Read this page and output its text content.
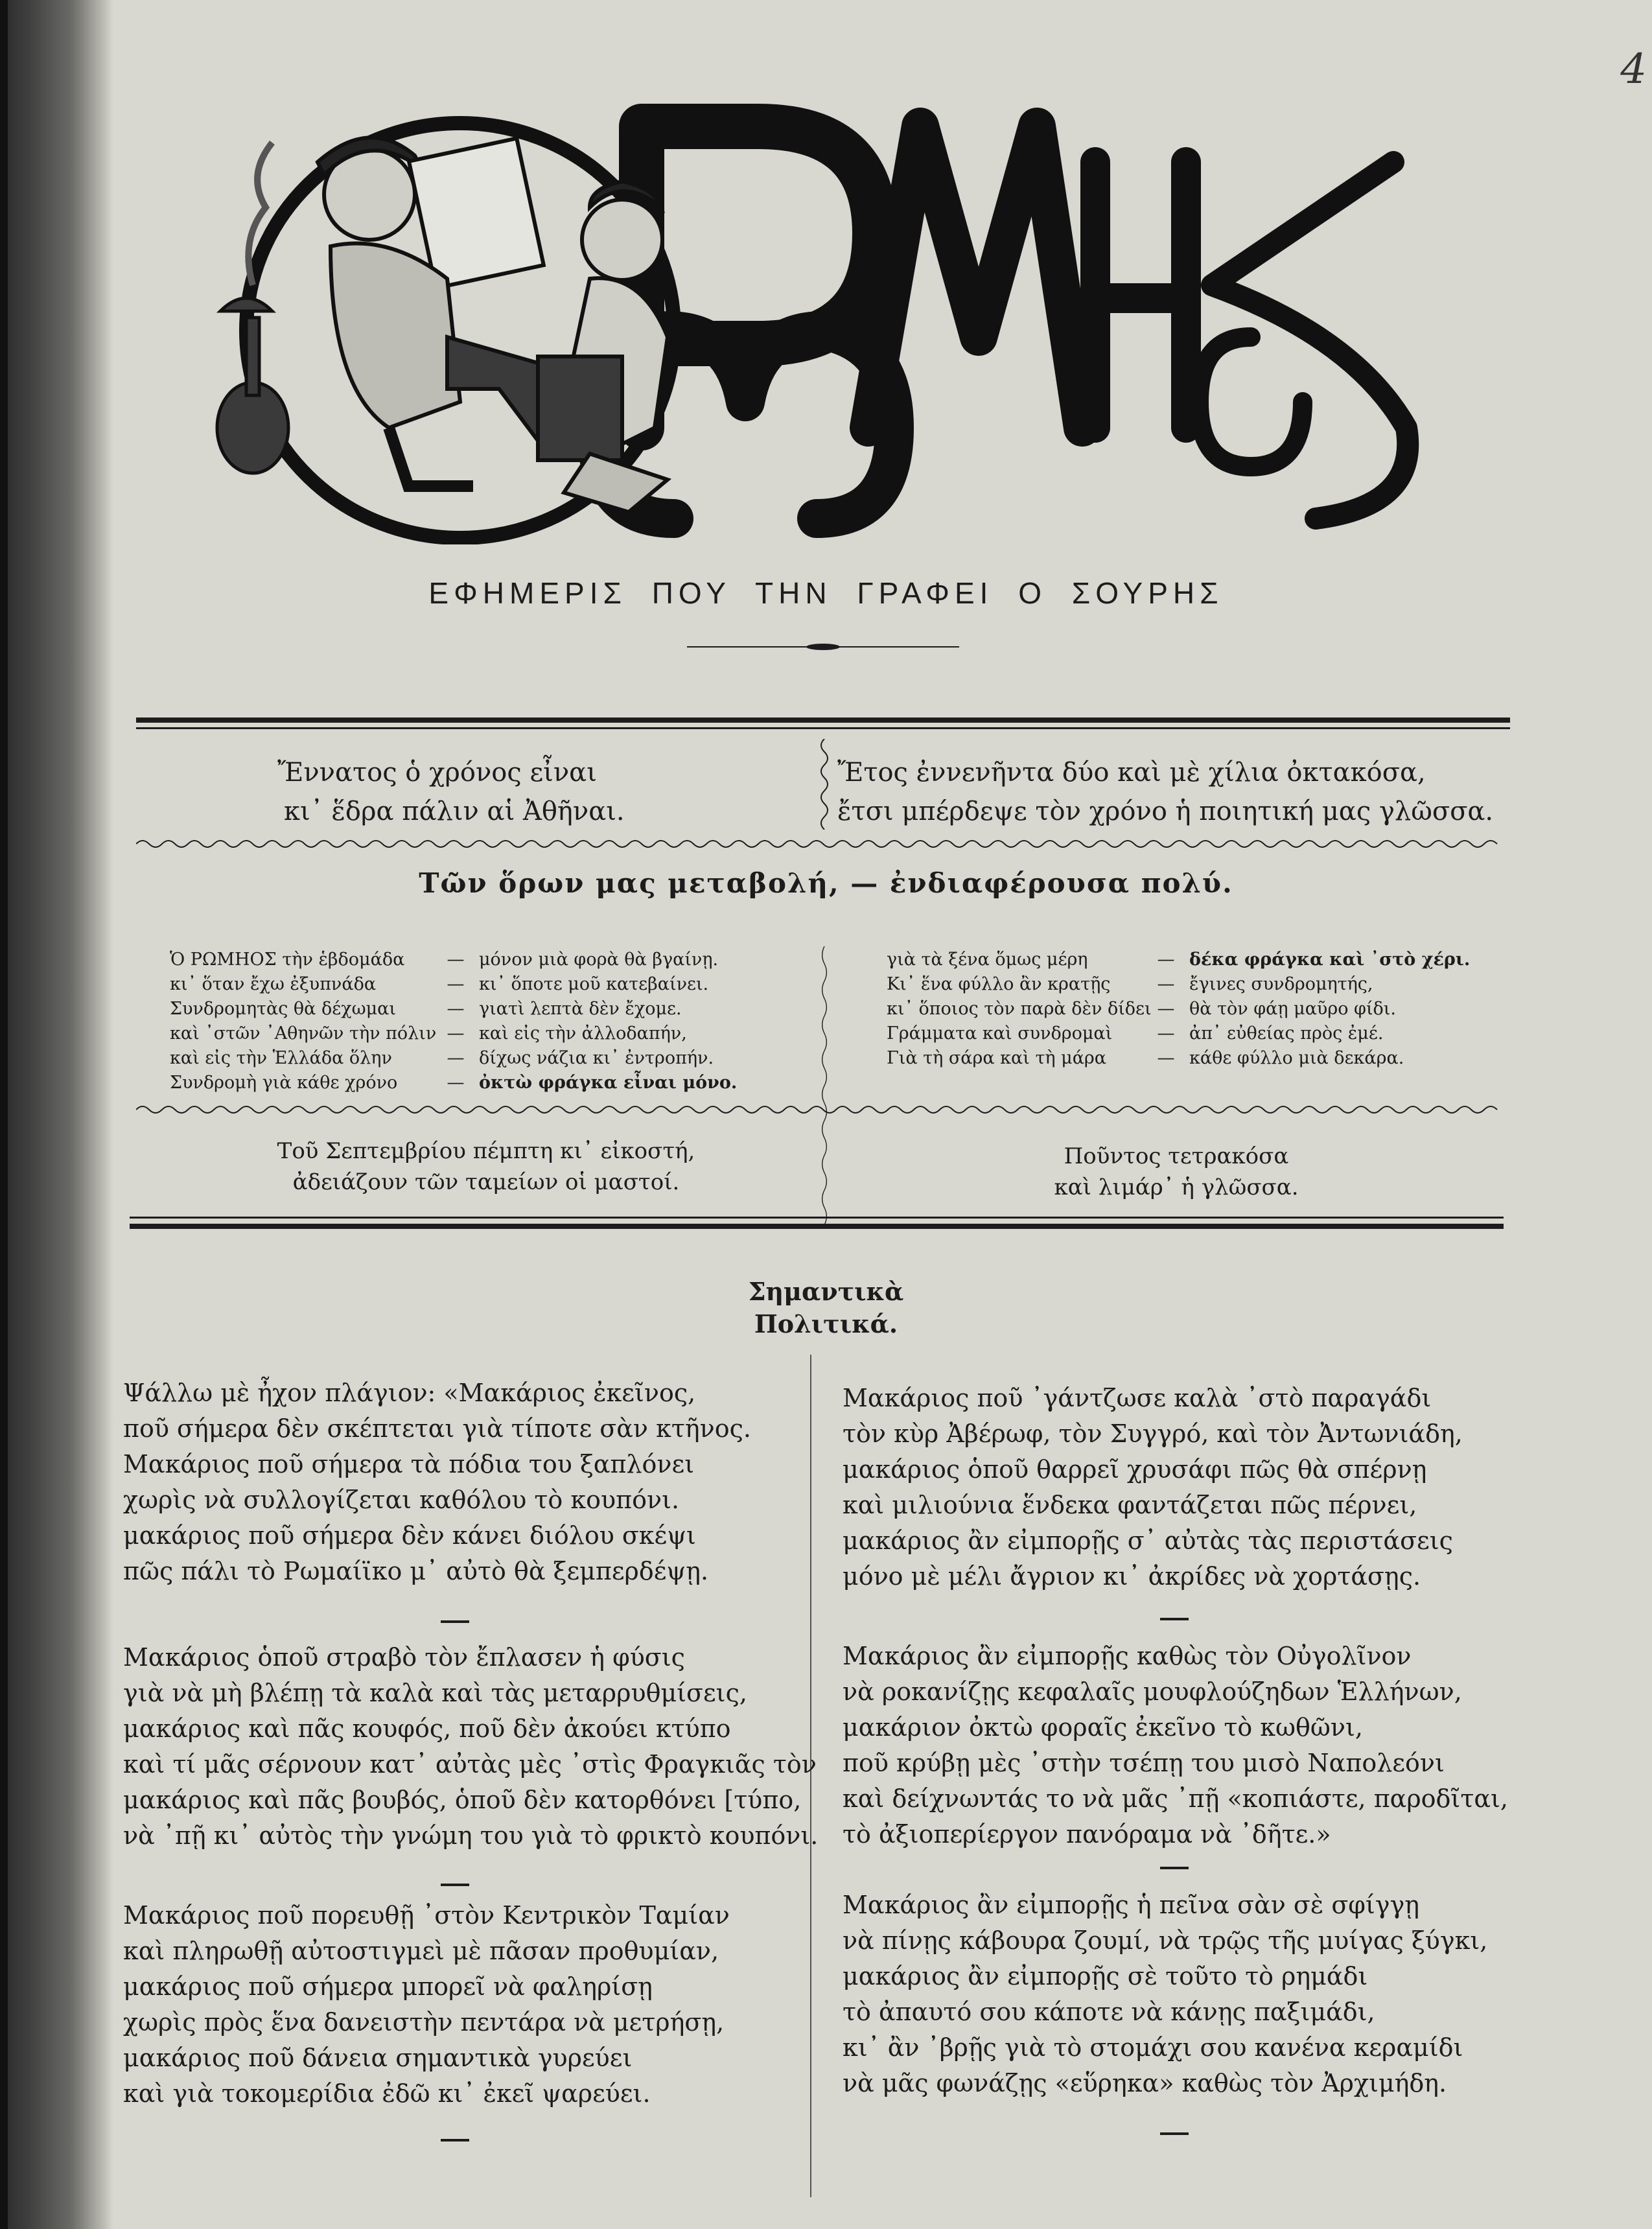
4
ΕΦΗΜΕΡΙΣ ΠΟΥ ΤΗΝ ΓΡΑΦΕΙ Ο ΣΟΥΡΗΣ
Ἔννατος ὁ χρόνος εἶναι
κι᾽ ἕδρα πάλιν αἱ Ἀθῆναι.
Ἔτος ἐννενῆντα δύο καὶ μὲ χίλια ὀκτακόσα,
ἔτσι μπέρδεψε τὸν χρόνο ἡ ποιητική μας γλῶσσα.
Τῶν ὅρων μας μεταβολή, — ἐνδιαφέρουσα πολύ.
Ὁ ΡΩΜΗΟΣ τὴν ἑβδομάδα	— μόνον μιὰ φορὰ θὰ βγαίνῃ.
κι᾽ ὅταν ἔχω ἐξυπνάδα	— κι᾽ ὅποτε μοῦ κατεβαίνει.
Συνδρομητὰς θὰ δέχωμαι	— γιατὶ λεπτὰ δὲν ἔχομε.
καὶ ᾽στῶν ᾽Αθηνῶν τὴν πόλιν — καὶ εἰς τὴν ἀλλοδαπήν,
καὶ εἰς τὴν Ἑλλάδα ὅλην	— δίχως νάζια κι᾽ ἐντροπήν.
Συνδρομὴ γιὰ κάθε χρόνο	— ὀκτὼ φράγκα εἶναι μόνο.
γιὰ τὰ ξένα ὅμως μέρη	— δέκα φράγκα καὶ ᾽στὸ χέρι.
Κι᾽ ἕνα φύλλο ἂν κρατῇς	— ἔγινες συνδρομητής,
κι᾽ ὅποιος τὸν παρὰ δὲν δίδει — θὰ τὸν φάῃ μαῦρο φίδι.
Γράμματα καὶ συνδρομαὶ	— ἀπ᾽ εὐθείας πρὸς ἐμέ.
Γιὰ τὴ σάρα καὶ τὴ μάρα	— κάθε φύλλο μιὰ δεκάρα.
Τοῦ Σεπτεμβρίου πέμπτη κι᾽ εἰκοστή,
ἀδειάζουν τῶν ταμείων οἱ μαστοί.
Ποῦντος τετρακόσα
καὶ λιμάρ᾽ ἡ γλῶσσα.
Σημαντικὰ
Πολιτικά.
Ψάλλω μὲ ἦχον πλάγιον: «Μακάριος ἐκεῖνος,
ποῦ σήμερα δὲν σκέπτεται γιὰ τίποτε σὰν κτῆνος.
Μακάριος ποῦ σήμερα τὰ πόδια του ξαπλόνει
χωρὶς νὰ συλλογίζεται καθόλου τὸ κουπόνι.
μακάριος ποῦ σήμερα δὲν κάνει διόλου σκέψι
πῶς πάλι τὸ Ρωμαίϊκο μ᾽ αὐτὸ θὰ ξεμπερδέψῃ.
Μακάριος ὁποῦ στραβὸ τὸν ἔπλασεν ἡ φύσις
γιὰ νὰ μὴ βλέπῃ τὰ καλὰ καὶ τὰς μεταρρυθμίσεις,
μακάριος καὶ πᾶς κουφός, ποῦ δὲν ἀκούει κτύπο
καὶ τί μᾶς σέρνουν κατ᾽ αὐτὰς μὲς ᾽στὶς Φραγκιᾶς τὸν
μακάριος καὶ πᾶς βουβός, ὁποῦ δὲν κατορθόνει [τύπο,
νὰ ᾽πῇ κι᾽ αὐτὸς τὴν γνώμη του γιὰ τὸ φρικτὸ κουπόνι.
Μακάριος ποῦ πορευθῇ ᾽στὸν Κεντρικὸν Ταμίαν
καὶ πληρωθῇ αὐτοστιγμεὶ μὲ πᾶσαν προθυμίαν,
μακάριος ποῦ σήμερα μπορεῖ νὰ φαληρίσῃ
χωρὶς πρὸς ἕνα δανειστὴν πεντάρα νὰ μετρήσῃ,
μακάριος ποῦ δάνεια σημαντικὰ γυρεύει
καὶ γιὰ τοκομερίδια ἐδῶ κι᾽ ἐκεῖ ψαρεύει.
Μακάριος ποῦ ᾽γάντζωσε καλὰ ᾽στὸ παραγάδι
τὸν κὺρ Ἀβέρωφ, τὸν Συγγρό, καὶ τὸν Ἀντωνιάδη,
μακάριος ὁποῦ θαρρεῖ χρυσάφι πῶς θὰ σπέρνῃ
καὶ μιλιούνια ἕνδεκα φαντάζεται πῶς πέρνει,
μακάριος ἂν εἰμπορῇς σ᾽ αὐτὰς τὰς περιστάσεις
μόνο μὲ μέλι ἄγριον κι᾽ ἀκρίδες νὰ χορτάσῃς.
Μακάριος ἂν εἰμπορῇς καθὼς τὸν Οὐγολῖνον
νὰ ροκανίζῃς κεφαλαῖς μουφλούζηδων Ἑλλήνων,
μακάριον ὀκτὼ φοραῖς ἐκεῖνο τὸ κωθῶνι,
ποῦ κρύβῃ μὲς ᾽στὴν τσέπῃ του μισὸ Ναπολεόνι
καὶ δείχνωντάς το νὰ μᾶς ᾽πῇ «κοπιάστε, παροδῖται,
τὸ ἀξιοπερίεργον πανόραμα νὰ ᾽δῆτε.»
Μακάριος ἂν εἰμπορῇς ἡ πεῖνα σὰν σὲ σφίγγῃ
νὰ πίνῃς κάβουρα ζουμί, νὰ τρῷς τῆς μυίγας ξύγκι,
μακάριος ἂν εἰμπορῇς σὲ τοῦτο τὸ ρημάδι
τὸ ἀπαυτό σου κάποτε νὰ κάνῃς παξιμάδι,
κι᾽ ἂν ᾽βρῇς γιὰ τὸ στομάχι σου κανένα κεραμίδι
νὰ μᾶς φωνάζῃς «εὕρηκα» καθὼς τὸν Ἀρχιμήδη.
